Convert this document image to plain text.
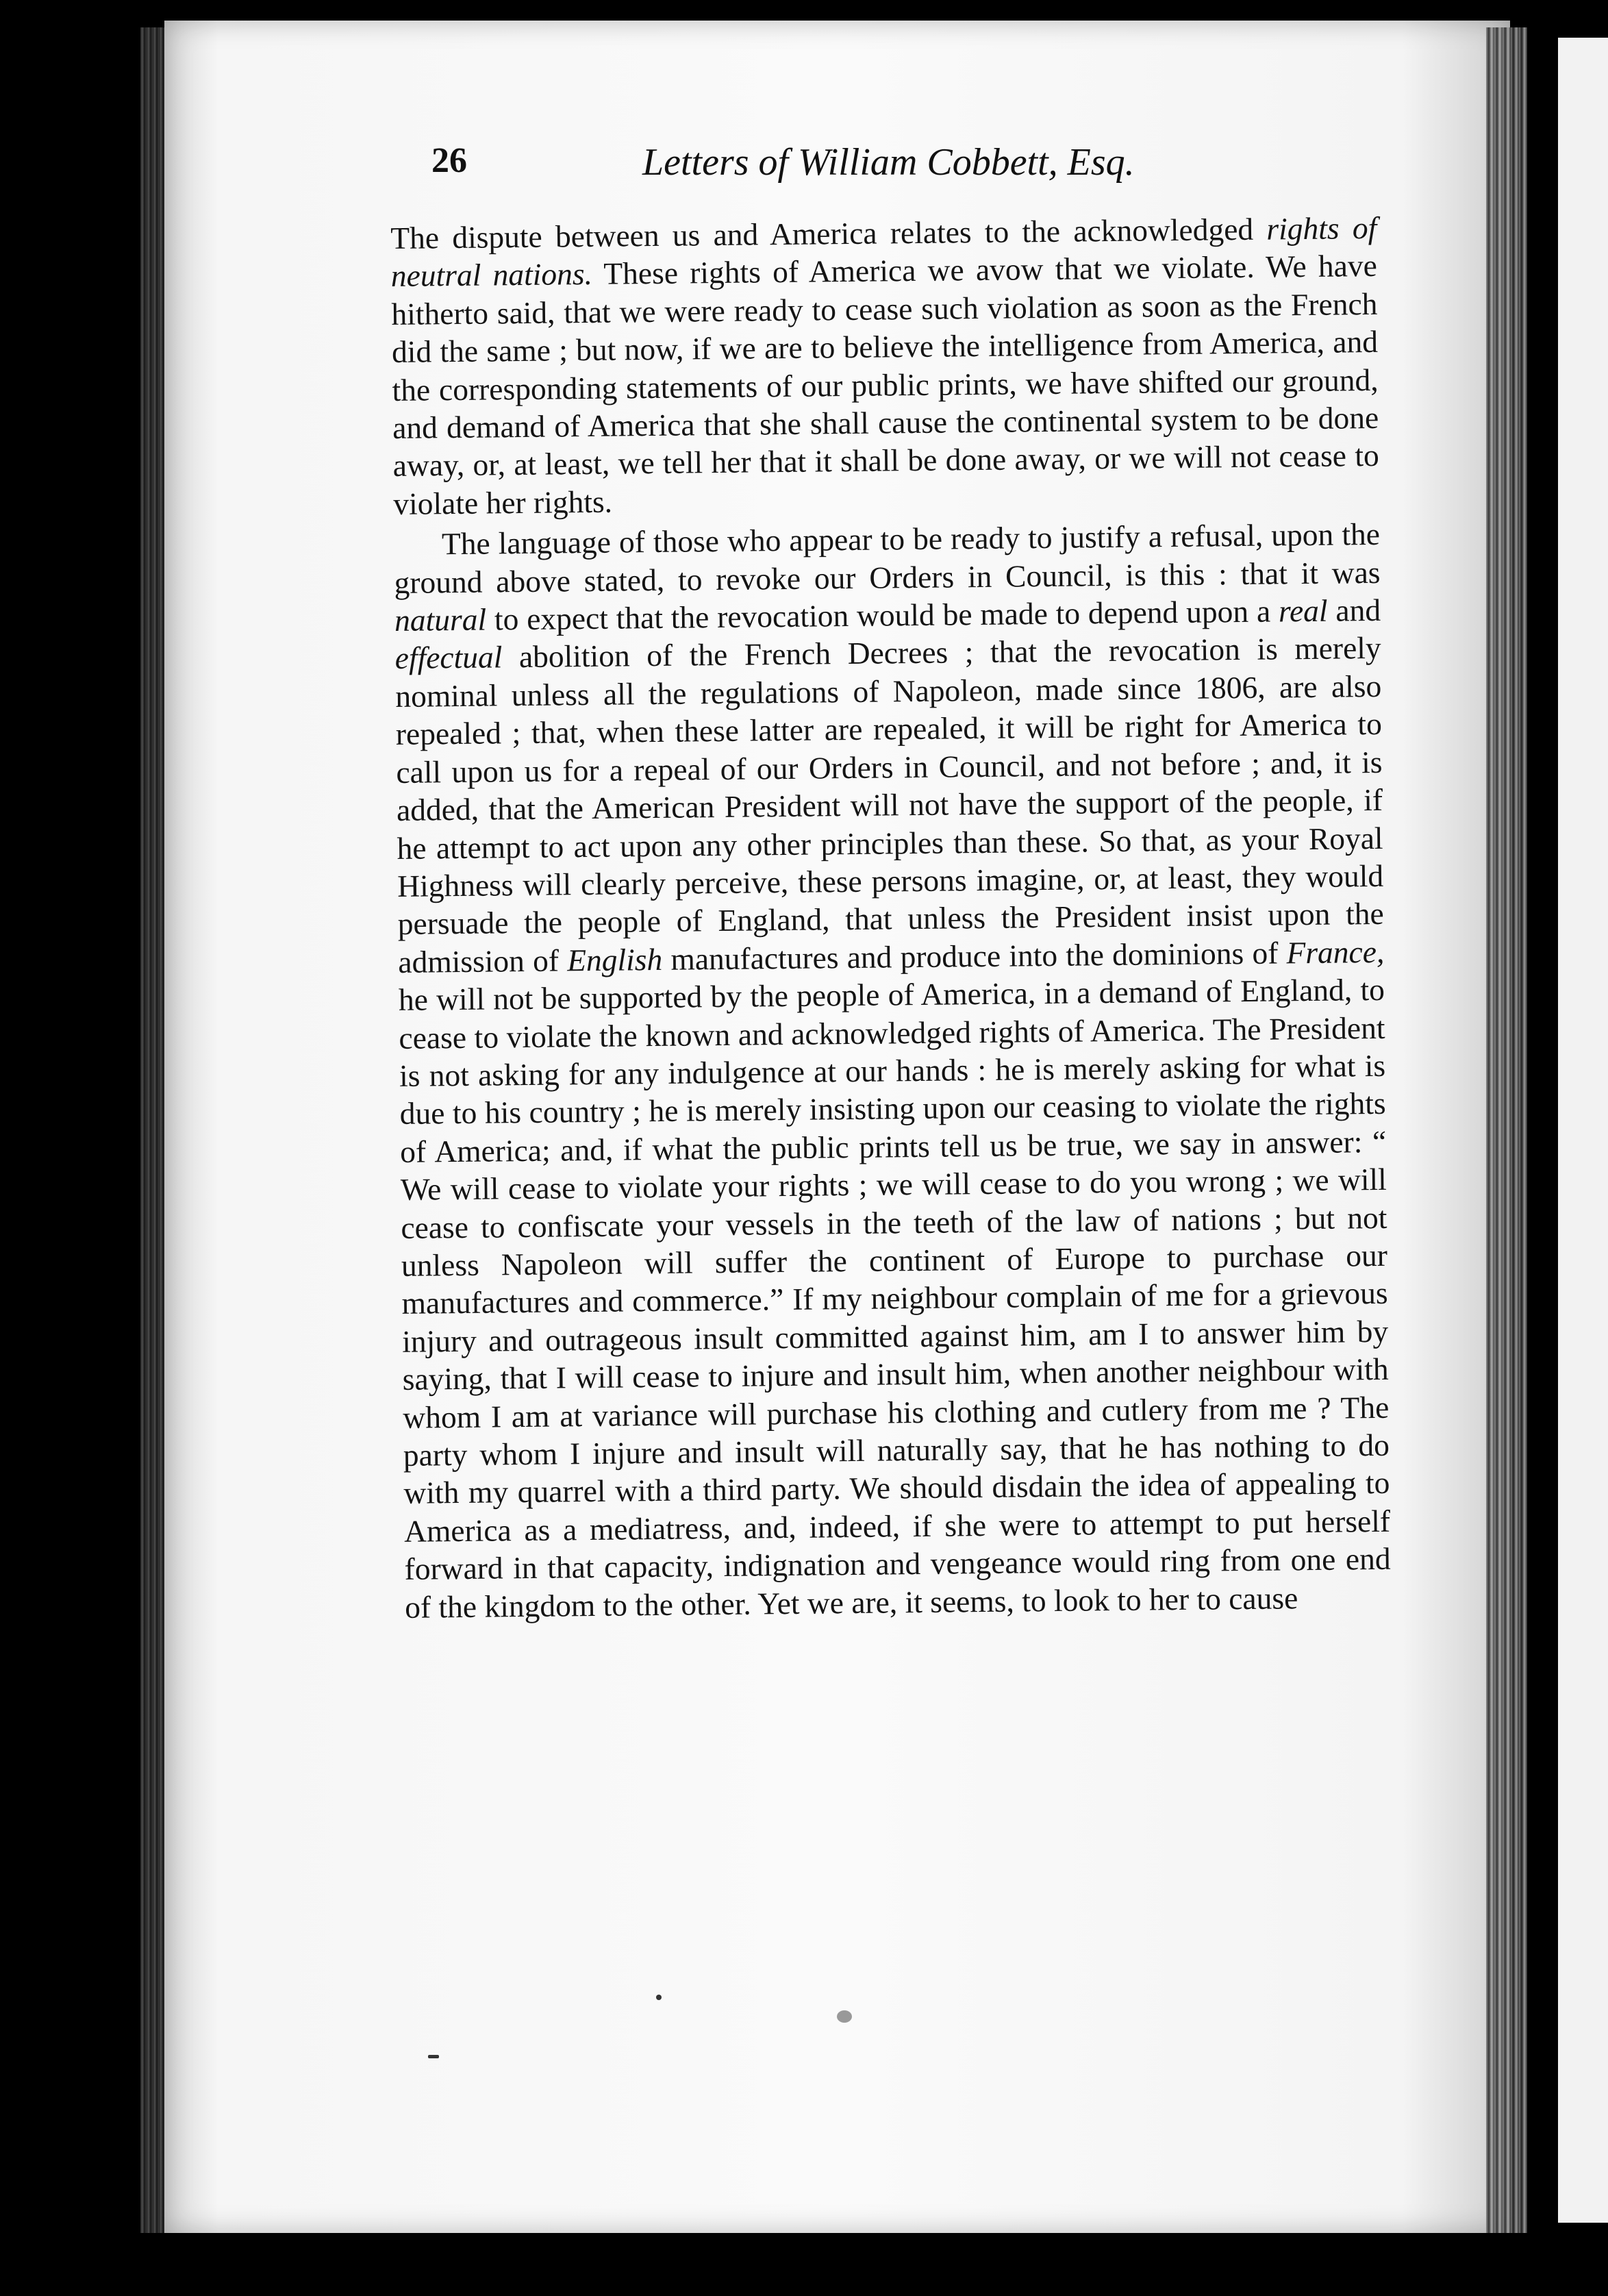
26	Letters of William Cobbett, Esq.

The dispute between us and America relates to the acknowledged rights of neutral nations. These rights of America we avow that we violate. We have hitherto said, that we were ready to cease such violation as soon as the French did the same ; but now, if we are to believe the intelligence from America, and the corresponding statements of our public prints, we have shifted our ground, and demand of America that she shall cause the continental system to be done away, or, at least, we tell her that it shall be done away, or we will not cease to violate her rights.

The language of those who appear to be ready to justify a refusal, upon the ground above stated, to revoke our Orders in Council, is this : that it was natural to expect that the revocation would be made to depend upon a real and effectual abolition of the French Decrees ; that the revocation is merely nominal unless all the regulations of Napoleon, made since 1806, are also repealed ; that, when these latter are repealed, it will be right for America to call upon us for a repeal of our Orders in Council, and not before ; and, it is added, that the American President will not have the support of the people, if he attempt to act upon any other principles than these. So that, as your Royal Highness will clearly perceive, these persons imagine, or, at least, they would persuade the people of England, that unless the President insist upon the admission of English manufactures and produce into the dominions of France, he will not be supported by the people of America, in a demand of England, to cease to violate the known and acknowledged rights of America. The President is not asking for any indulgence at our hands : he is merely asking for what is due to his country ; he is merely insisting upon our ceasing to violate the rights of America; and, if what the public prints tell us be true, we say in answer: “ We will cease to violate your rights ; we will cease to do you wrong ; we will cease to confiscate your vessels in the teeth of the law of nations ; but not unless Napoleon will suffer the continent of Europe to purchase our manufactures and commerce.” If my neighbour complain of me for a grievous injury and outrageous insult committed against him, am I to answer him by saying, that I will cease to injure and insult him, when another neighbour with whom I am at variance will purchase his clothing and cutlery from me ? The party whom I injure and insult will naturally say, that he has nothing to do with my quarrel with a third party. We should disdain the idea of appealing to America as a mediatress, and, indeed, if she were to attempt to put herself forward in that capacity, indignation and vengeance would ring from one end of the kingdom to the other. Yet we are, it seems, to look to her to cause
